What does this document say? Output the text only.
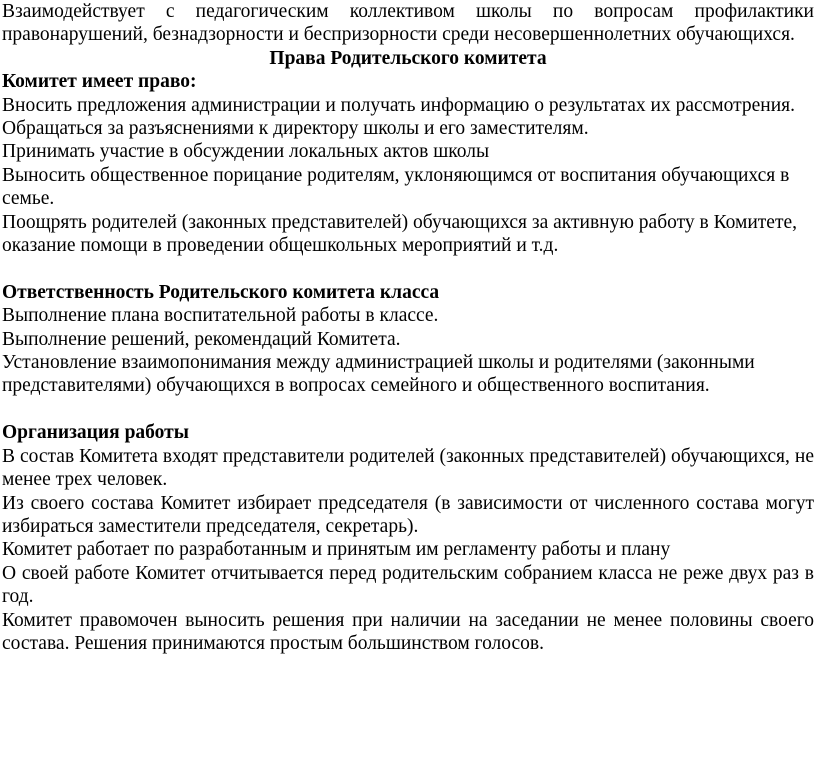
Взаимодействует с педагогическим коллективом школы по вопросам профилактики правонарушений, безнадзорности и беспризорности среди несовершеннолетних обучающихся.

Права Родительского комитета

Комитет имеет право:

Вносить предложения администрации и получать информацию о результатах их рассмотрения.

Обращаться за разъяснениями к директору школы и его заместителям.

Принимать участие в обсуждении локальных актов школы

Выносить общественное порицание родителям, уклоняющимся от воспитания обучающихся в семье.

Поощрять родителей (законных представителей) обучающихся за активную работу в Комитете, оказание помощи в проведении общешкольных мероприятий и т.д.

Ответственность Родительского комитета класса

Выполнение плана воспитательной работы в классе.

Выполнение решений, рекомендаций Комитета.

Установление взаимопонимания между администрацией школы и родителями (законными представителями) обучающихся в вопросах семейного и общественного воспитания.

Организация работы

В состав Комитета входят представители родителей (законных представителей) обучающихся, не менее трех человек.

Из своего состава Комитет избирает председателя (в зависимости от численного состава могут избираться заместители председателя, секретарь).

Комитет работает по разработанным и принятым им регламенту работы и плану

О своей работе Комитет отчитывается перед родительским собранием класса не реже двух раз в год.

Комитет правомочен выносить решения при наличии на заседании не менее половины своего состава. Решения принимаются простым большинством голосов.
